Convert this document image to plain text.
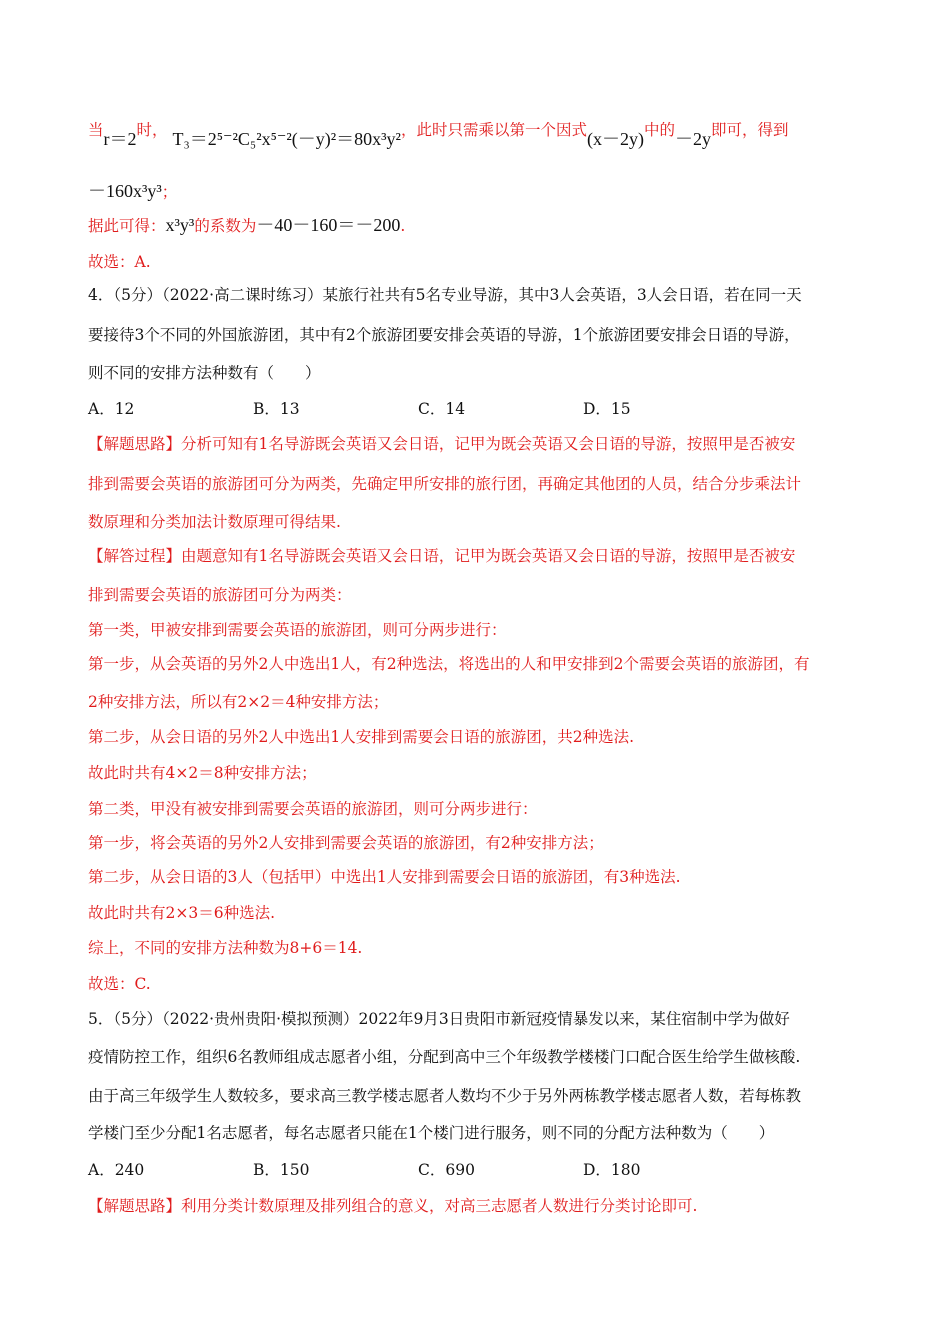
当r＝2时， T₃＝2⁵⁻²C₅²x⁵⁻²(－y)²＝80x³y²，此时只需乘以第一个因式(x－2y)中的－2y即可，得到
－160x³y³；
据此可得：x³y³的系数为－40－160＝－200.
故选：A.
4．（5分）（2022·高二课时练习）某旅行社共有5名专业导游，其中3人会英语，3人会日语，若在同一天
要接待3个不同的外国旅游团，其中有2个旅游团要安排会英语的导游，1个旅游团要安排会日语的导游，
则不同的安排方法种数有（　　）
A．12	B．13	C．14	D．15
【解题思路】分析可知有1名导游既会英语又会日语，记甲为既会英语又会日语的导游，按照甲是否被安
排到需要会英语的旅游团可分为两类，先确定甲所安排的旅行团，再确定其他团的人员，结合分步乘法计
数原理和分类加法计数原理可得结果.
【解答过程】由题意知有1名导游既会英语又会日语，记甲为既会英语又会日语的导游，按照甲是否被安
排到需要会英语的旅游团可分为两类：
第一类，甲被安排到需要会英语的旅游团，则可分两步进行：
第一步，从会英语的另外2人中选出1人，有2种选法，将选出的人和甲安排到2个需要会英语的旅游团，有
2种安排方法，所以有2×2＝4种安排方法；
第二步，从会日语的另外2人中选出1人安排到需要会日语的旅游团，共2种选法.
故此时共有4×2＝8种安排方法；
第二类，甲没有被安排到需要会英语的旅游团，则可分两步进行：
第一步，将会英语的另外2人安排到需要会英语的旅游团，有2种安排方法；
第二步，从会日语的3人（包括甲）中选出1人安排到需要会日语的旅游团，有3种选法.
故此时共有2×3＝6种选法.
综上，不同的安排方法种数为8+6＝14.
故选：C.
5．（5分）（2022·贵州贵阳·模拟预测）2022年9月3日贵阳市新冠疫情暴发以来，某住宿制中学为做好
疫情防控工作，组织6名教师组成志愿者小组，分配到高中三个年级教学楼楼门口配合医生给学生做核酸.
由于高三年级学生人数较多，要求高三教学楼志愿者人数均不少于另外两栋教学楼志愿者人数，若每栋教
学楼门至少分配1名志愿者，每名志愿者只能在1个楼门进行服务，则不同的分配方法种数为（　　）
A．240	B．150	C．690	D．180
【解题思路】利用分类计数原理及排列组合的意义，对高三志愿者人数进行分类讨论即可.
